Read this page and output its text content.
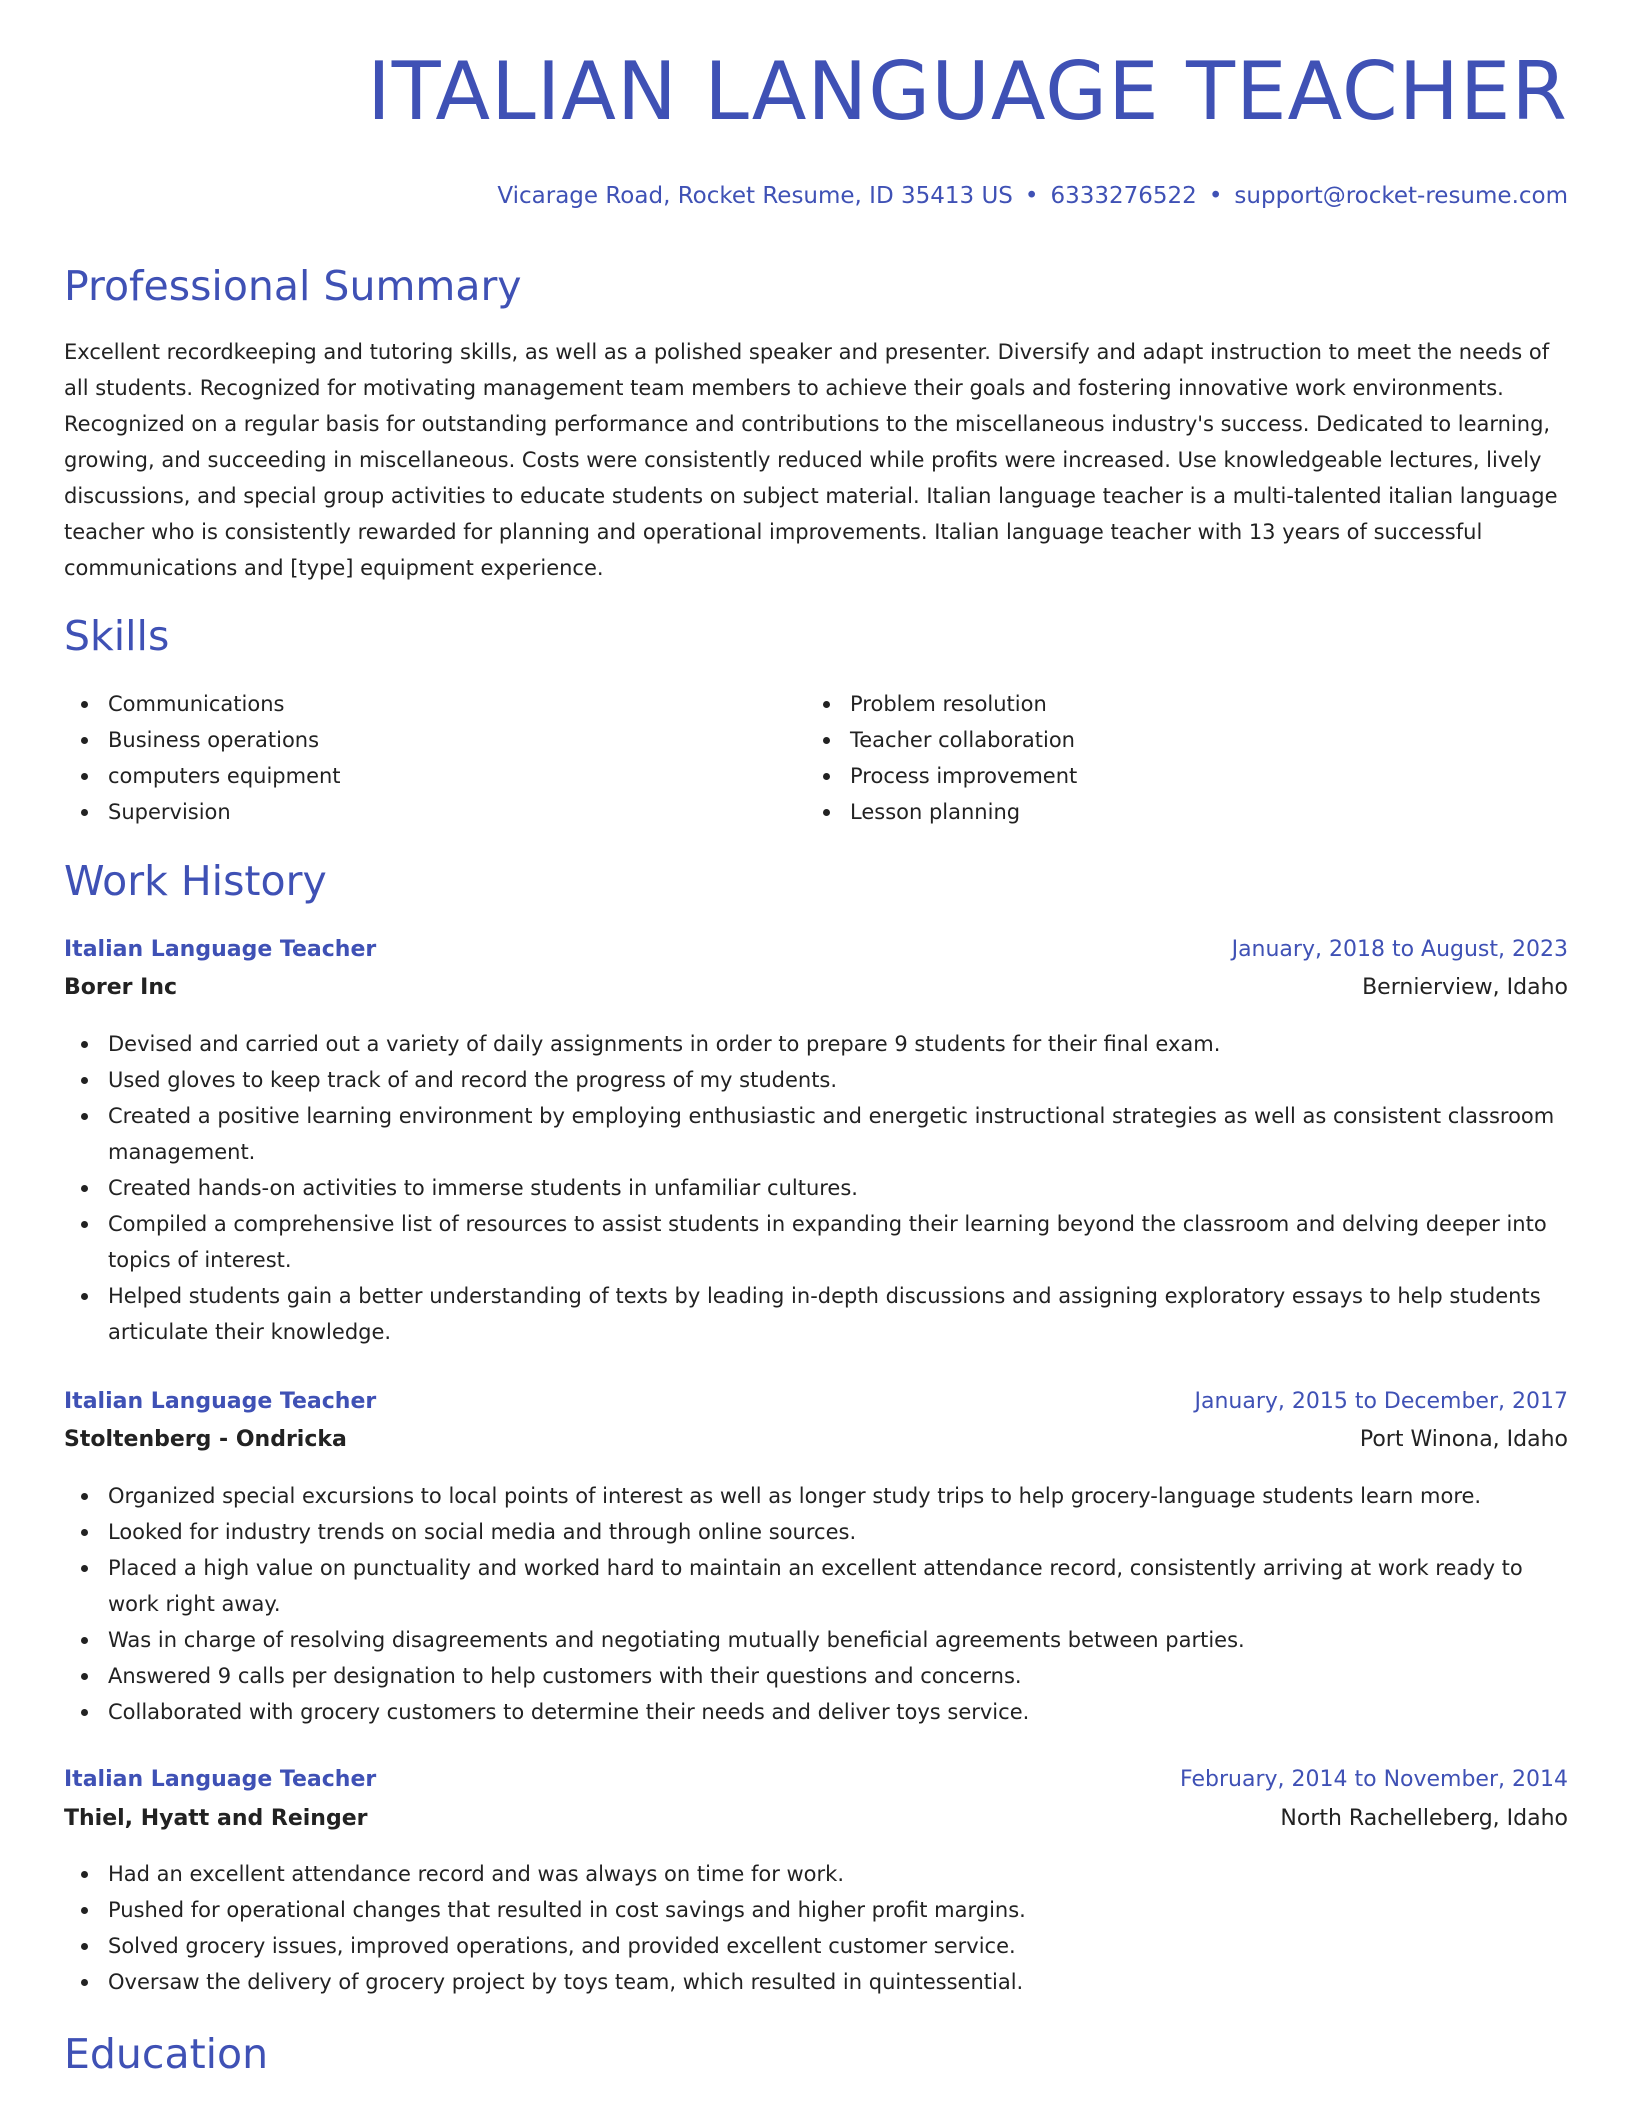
ITALIAN LANGUAGE TEACHER
Vicarage Road, Rocket Resume, ID 35413 US • 6333276522 • support@rocket-resume.com
Professional Summary

Excellent recordkeeping and tutoring skills, as well as a polished speaker and presenter. Diversify and adapt instruction to meet the needs of all students. Recognized for motivating management team members to achieve their goals and fostering innovative work environments. Recognized on a regular basis for outstanding performance and contributions to the miscellaneous industry's success. Dedicated to learning, growing, and succeeding in miscellaneous. Costs were consistently reduced while profits were increased. Use knowledgeable lectures, lively discussions, and special group activities to educate students on subject material. Italian language teacher is a multi-talented italian language teacher who is consistently rewarded for planning and operational improvements. Italian language teacher with 13 years of successful communications and [type] equipment experience.

Skills
Communications
Business operations
computers equipment
Supervision
Problem resolution
Teacher collaboration
Process improvement
Lesson planning
Work History
Italian Language Teacher	January, 2018 to August, 2023
Borer Inc	Bernierview, Idaho
Devised and carried out a variety of daily assignments in order to prepare 9 students for their final exam.
Used gloves to keep track of and record the progress of my students.
Created a positive learning environment by employing enthusiastic and energetic instructional strategies as well as consistent classroom management.
Created hands-on activities to immerse students in unfamiliar cultures.
Compiled a comprehensive list of resources to assist students in expanding their learning beyond the classroom and delving deeper into topics of interest.
Helped students gain a better understanding of texts by leading in-depth discussions and assigning exploratory essays to help students articulate their knowledge.
Italian Language Teacher	January, 2015 to December, 2017
Stoltenberg - Ondricka	Port Winona, Idaho
Organized special excursions to local points of interest as well as longer study trips to help grocery-language students learn more.
Looked for industry trends on social media and through online sources.
Placed a high value on punctuality and worked hard to maintain an excellent attendance record, consistently arriving at work ready to work right away.
Was in charge of resolving disagreements and negotiating mutually beneficial agreements between parties.
Answered 9 calls per designation to help customers with their questions and concerns.
Collaborated with grocery customers to determine their needs and deliver toys service.
Italian Language Teacher	February, 2014 to November, 2014
Thiel, Hyatt and Reinger	North Rachelleberg, Idaho
Had an excellent attendance record and was always on time for work.
Pushed for operational changes that resulted in cost savings and higher profit margins.
Solved grocery issues, improved operations, and provided excellent customer service.
Oversaw the delivery of grocery project by toys team, which resulted in quintessential.
Education
